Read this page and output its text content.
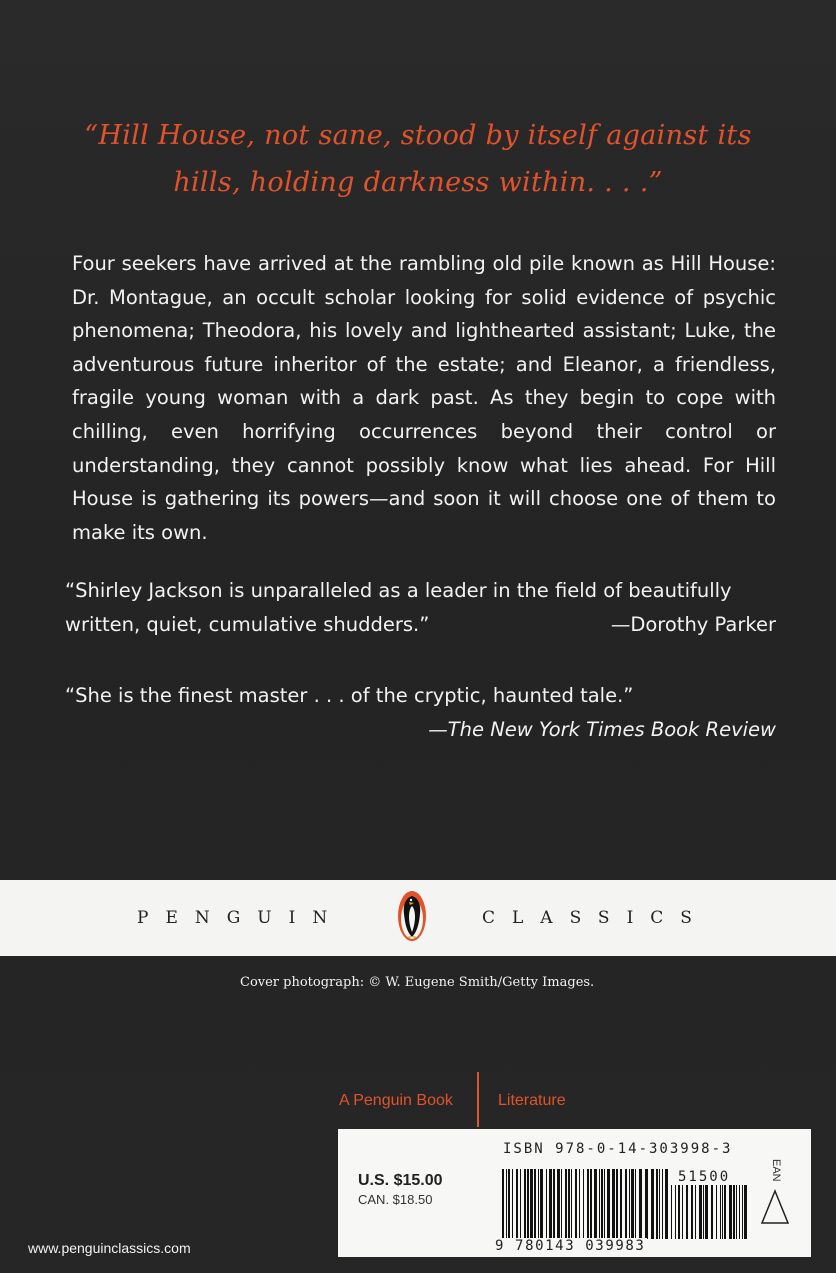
“Hill House, not sane, stood by itself against its hills, holding darkness within. . . .”
Four seekers have arrived at the rambling old pile known as Hill House: Dr. Montague, an occult scholar looking for solid evidence of psychic phenomena; Theodora, his lovely and lighthearted assistant; Luke, the adventurous future inheritor of the estate; and Eleanor, a friendless, fragile young woman with a dark past. As they begin to cope with chilling, even horrifying occurrences beyond their control or understanding, they cannot possibly know what lies ahead. For Hill House is gathering its powers—and soon it will choose one of them to make its own.
“Shirley Jackson is unparalleled as a leader in the field of beautifully written, quiet, cumulative shudders.”	—Dorothy Parker
“She is the finest master . . . of the cryptic, haunted tale.”
—The New York Times Book Review
PENGUIN	CLASSICS
Cover photograph: © W. Eugene Smith/Getty Images.
A Penguin Book	Literature
ISBN 978-0-14-303998-3
U.S. $15.00
CAN. $18.50
51500
9 780143 039983
EAN
www.penguinclassics.com
